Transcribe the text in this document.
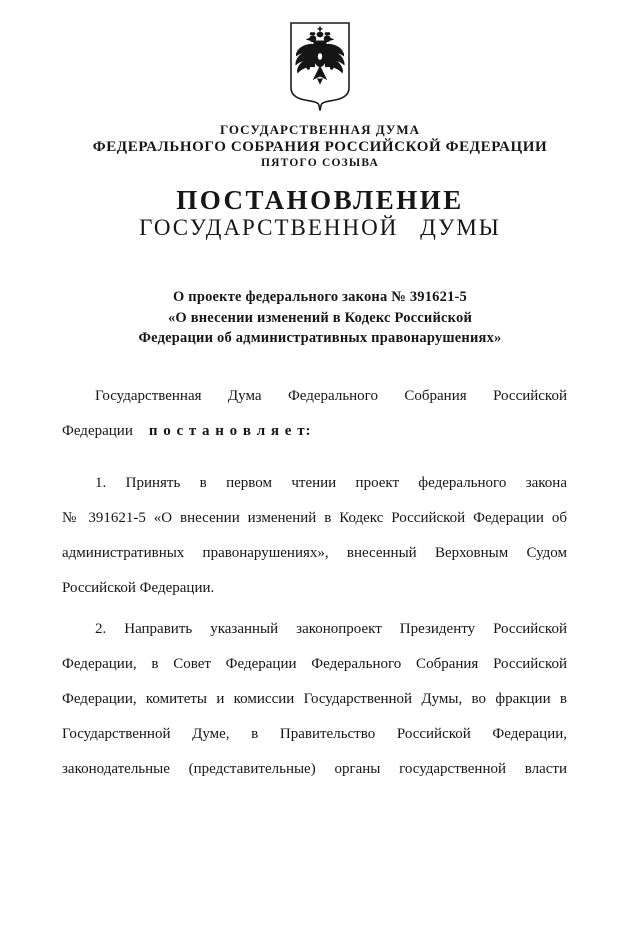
ГОСУДАРСТВЕННАЯ ДУМА
ФЕДЕРАЛЬНОГО СОБРАНИЯ РОССИЙСКОЙ ФЕДЕРАЦИИ
ПЯТОГО СОЗЫВА
ПОСТАНОВЛЕНИЕ
ГОСУДАРСТВЕННОЙ ДУМЫ
О проекте федерального закона № 391621-5
«О внесении изменений в Кодекс Российской
Федерации об административных правонарушениях»
Государственная Дума Федерального Собрания Российской
Федерации п о с т а н о в л я е т:
1. Принять в первом чтении проект федерального закона
№ 391621-5 «О внесении изменений в Кодекс Российской Федерации об
административных правонарушениях», внесенный Верховным Судом
Российской Федерации.
2. Направить указанный законопроект Президенту Российской
Федерации, в Совет Федерации Федерального Собрания Российской
Федерации, комитеты и комиссии Государственной Думы, во фракции в
Государственной Думе, в Правительство Российской Федерации,
законодательные (представительные) органы государственной власти
